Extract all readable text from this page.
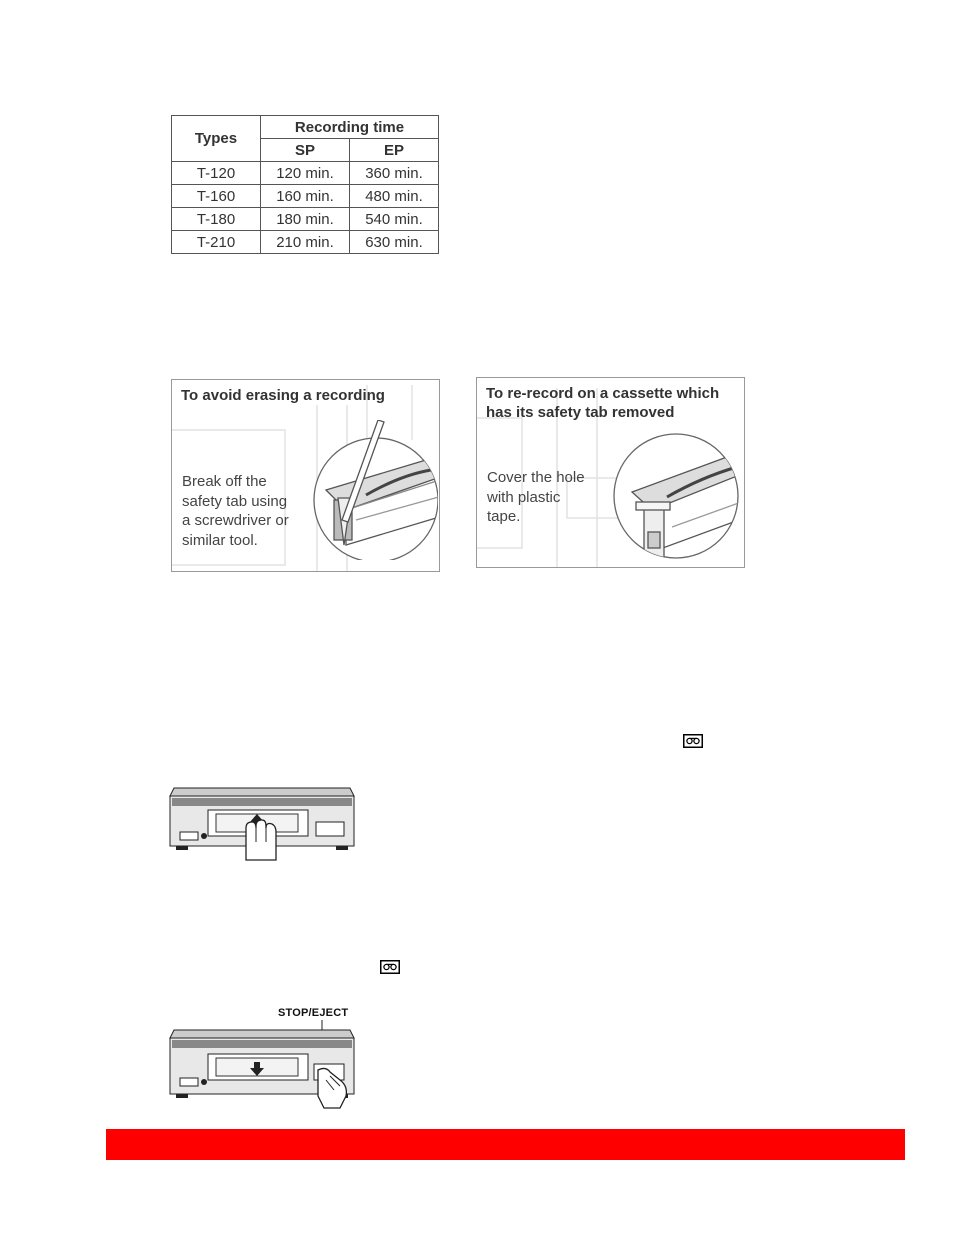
Types	Recording time	
	SP	EP
T-120	120 min.	360 min.
T-160	160 min.	480 min.
T-180	180 min.	540 min.
T-210	210 min.	630 min.
To avoid erasing a recording
Break off the
safety tab using
a screwdriver or
similar tool.
To re-record on a cassette which
has its safety tab removed
Cover the hole
with plastic
tape.
STOP/EJECT
